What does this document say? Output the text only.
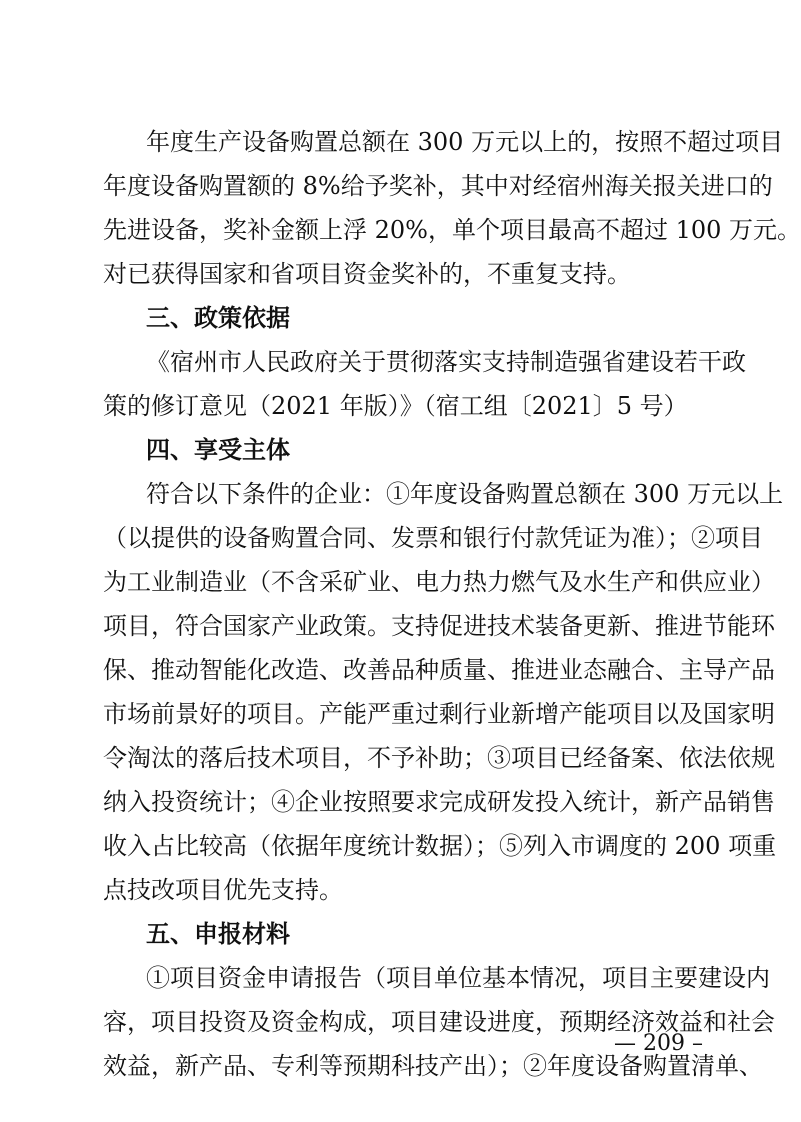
年度生产设备购置总额在 300 万元以上的，按照不超过项目
年度设备购置额的 8%给予奖补，其中对经宿州海关报关进口的
先进设备，奖补金额上浮 20%，单个项目最高不超过 100 万元。
对已获得国家和省项目资金奖补的，不重复支持。
三、政策依据
《宿州市人民政府关于贯彻落实支持制造强省建设若干政
策的修订意见（2021 年版）》（宿工组〔2021〕5 号）
四、享受主体
符合以下条件的企业：①年度设备购置总额在 300 万元以上
（以提供的设备购置合同、发票和银行付款凭证为准）；②项目
为工业制造业（不含采矿业、电力热力燃气及水生产和供应业）
项目，符合国家产业政策。支持促进技术装备更新、推进节能环
保、推动智能化改造、改善品种质量、推进业态融合、主导产品
市场前景好的项目。产能严重过剩行业新增产能项目以及国家明
令淘汰的落后技术项目，不予补助；③项目已经备案、依法依规
纳入投资统计；④企业按照要求完成研发投入统计，新产品销售
收入占比较高（依据年度统计数据）；⑤列入市调度的 200 项重
点技改项目优先支持。
五、申报材料
①项目资金申请报告（项目单位基本情况，项目主要建设内
容，项目投资及资金构成，项目建设进度，预期经济效益和社会
效益，新产品、专利等预期科技产出）；②年度设备购置清单、
— 209 –
